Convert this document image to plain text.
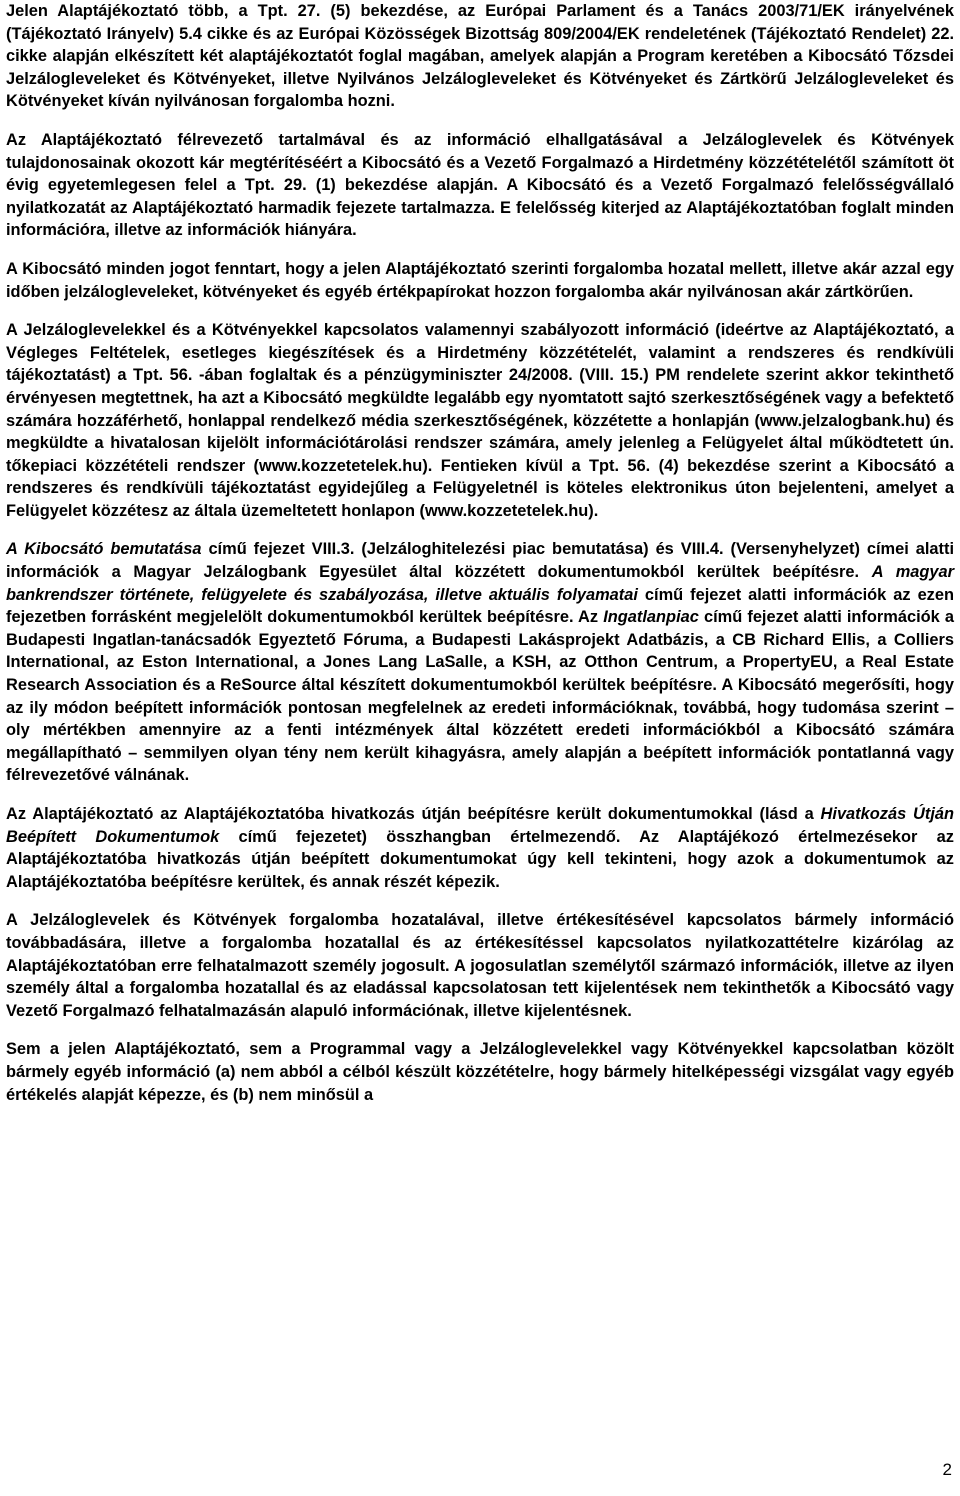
Jelen Alaptájékoztató több, a Tpt. 27. (5) bekezdése, az Európai Parlament és a Tanács 2003/71/EK irányelvének (Tájékoztató Irányelv) 5.4 cikke és az Európai Közösségek Bizottság 809/2004/EK rendeletének (Tájékoztató Rendelet) 22. cikke alapján elkészített két alaptájékoztatót foglal magában, amelyek alapján a Program keretében a Kibocsátó Tőzsdei Jelzálogleveleket és Kötvényeket, illetve Nyilvános Jelzálogleveleket és Kötvényeket és Zártkörű Jelzálogleveleket és Kötvényeket kíván nyilvánosan forgalomba hozni.

Az Alaptájékoztató félrevezető tartalmával és az információ elhallgatásával a Jelzáloglevelek és Kötvények tulajdonosainak okozott kár megtérítéséért a Kibocsátó és a Vezető Forgalmazó a Hirdetmény közzétételétől számított öt évig egyetemlegesen felel a Tpt. 29. (1) bekezdése alapján. A Kibocsátó és a Vezető Forgalmazó felelősségvállaló nyilatkozatát az Alaptájékoztató harmadik fejezete tartalmazza. E felelősség kiterjed az Alaptájékoztatóban foglalt minden információra, illetve az információk hiányára.

A Kibocsátó minden jogot fenntart, hogy a jelen Alaptájékoztató szerinti forgalomba hozatal mellett, illetve akár azzal egy időben jelzálogleveleket, kötvényeket és egyéb értékpapírokat hozzon forgalomba akár nyilvánosan akár zártkörűen.

A Jelzáloglevelekkel és a Kötvényekkel kapcsolatos valamennyi szabályozott információ (ideértve az Alaptájékoztató, a Végleges Feltételek, esetleges kiegészítések és a Hirdetmény közzétételét, valamint a rendszeres és rendkívüli tájékoztatást) a Tpt. 56. -ában foglaltak és a pénzügyminiszter 24/2008. (VIII. 15.) PM rendelete szerint akkor tekinthető érvényesen megtettnek, ha azt a Kibocsátó megküldte legalább egy nyomtatott sajtó szerkesztőségének vagy a befektető számára hozzáférhető, honlappal rendelkező média szerkesztőségének, közzétette a honlapján (www.jelzalogbank.hu) és megküldte a hivatalosan kijelölt információtárolási rendszer számára, amely jelenleg a Felügyelet által működtetett ún. tőkepiaci közzétételi rendszer (www.kozzetetelek.hu). Fentieken kívül a Tpt. 56. (4) bekezdése szerint a Kibocsátó a rendszeres és rendkívüli tájékoztatást egyidejűleg a Felügyeletnél is köteles elektronikus úton bejelenteni, amelyet a Felügyelet közzétesz az általa üzemeltetett honlapon (www.kozzetetelek.hu).

A Kibocsátó bemutatása című fejezet VIII.3. (Jelzáloghitelezési piac bemutatása) és VIII.4. (Versenyhelyzet) címei alatti információk a Magyar Jelzálogbank Egyesület által közzétett dokumentumokból kerültek beépítésre. A magyar bankrendszer története, felügyelete és szabályozása, illetve aktuális folyamatai című fejezet alatti információk az ezen fejezetben forrásként megjelelölt dokumentumokból kerültek beépítésre. Az Ingatlanpiac című fejezet alatti információk a Budapesti Ingatlan-tanácsadók Egyeztető Fóruma, a Budapesti Lakásprojekt Adatbázis, a CB Richard Ellis, a Colliers International, az Eston International, a Jones Lang LaSalle, a KSH, az Otthon Centrum, a PropertyEU, a Real Estate Research Association és a ReSource által készített dokumentumokból kerültek beépítésre. A Kibocsátó megerősíti, hogy az ily módon beépített információk pontosan megfelelnek az eredeti információknak, továbbá, hogy tudomása szerint – oly mértékben amennyire az a fenti intézmények által közzétett eredeti információkból a Kibocsátó számára megállapítható – semmilyen olyan tény nem került kihagyásra, amely alapján a beépített információk pontatlanná vagy félrevezetővé válnának.

Az Alaptájékoztató az Alaptájékoztatóba hivatkozás útján beépítésre került dokumentumokkal (lásd a Hivatkozás Útján Beépített Dokumentumok című fejezetet) összhangban értelmezendő. Az Alaptájékozó értelmezésekor az Alaptájékoztatóba hivatkozás útján beépített dokumentumokat úgy kell tekinteni, hogy azok a dokumentumok az Alaptájékoztatóba beépítésre kerültek, és annak részét képezik.

A Jelzáloglevelek és Kötvények forgalomba hozatalával, illetve értékesítésével kapcsolatos bármely információ továbbadására, illetve a forgalomba hozatallal és az értékesítéssel kapcsolatos nyilatkozattételre kizárólag az Alaptájékoztatóban erre felhatalmazott személy jogosult. A jogosulatlan személytől származó információk, illetve az ilyen személy által a forgalomba hozatallal és az eladással kapcsolatosan tett kijelentések nem tekinthetők a Kibocsátó vagy Vezető Forgalmazó felhatalmazásán alapuló információnak, illetve kijelentésnek.

Sem a jelen Alaptájékoztató, sem a Programmal vagy a Jelzáloglevelekkel vagy Kötvényekkel kapcsolatban közölt bármely egyéb információ (a) nem abból a célból készült közzétételre, hogy bármely hitelképességi vizsgálat vagy egyéb értékelés alapját képezze, és (b) nem minősül a

2
